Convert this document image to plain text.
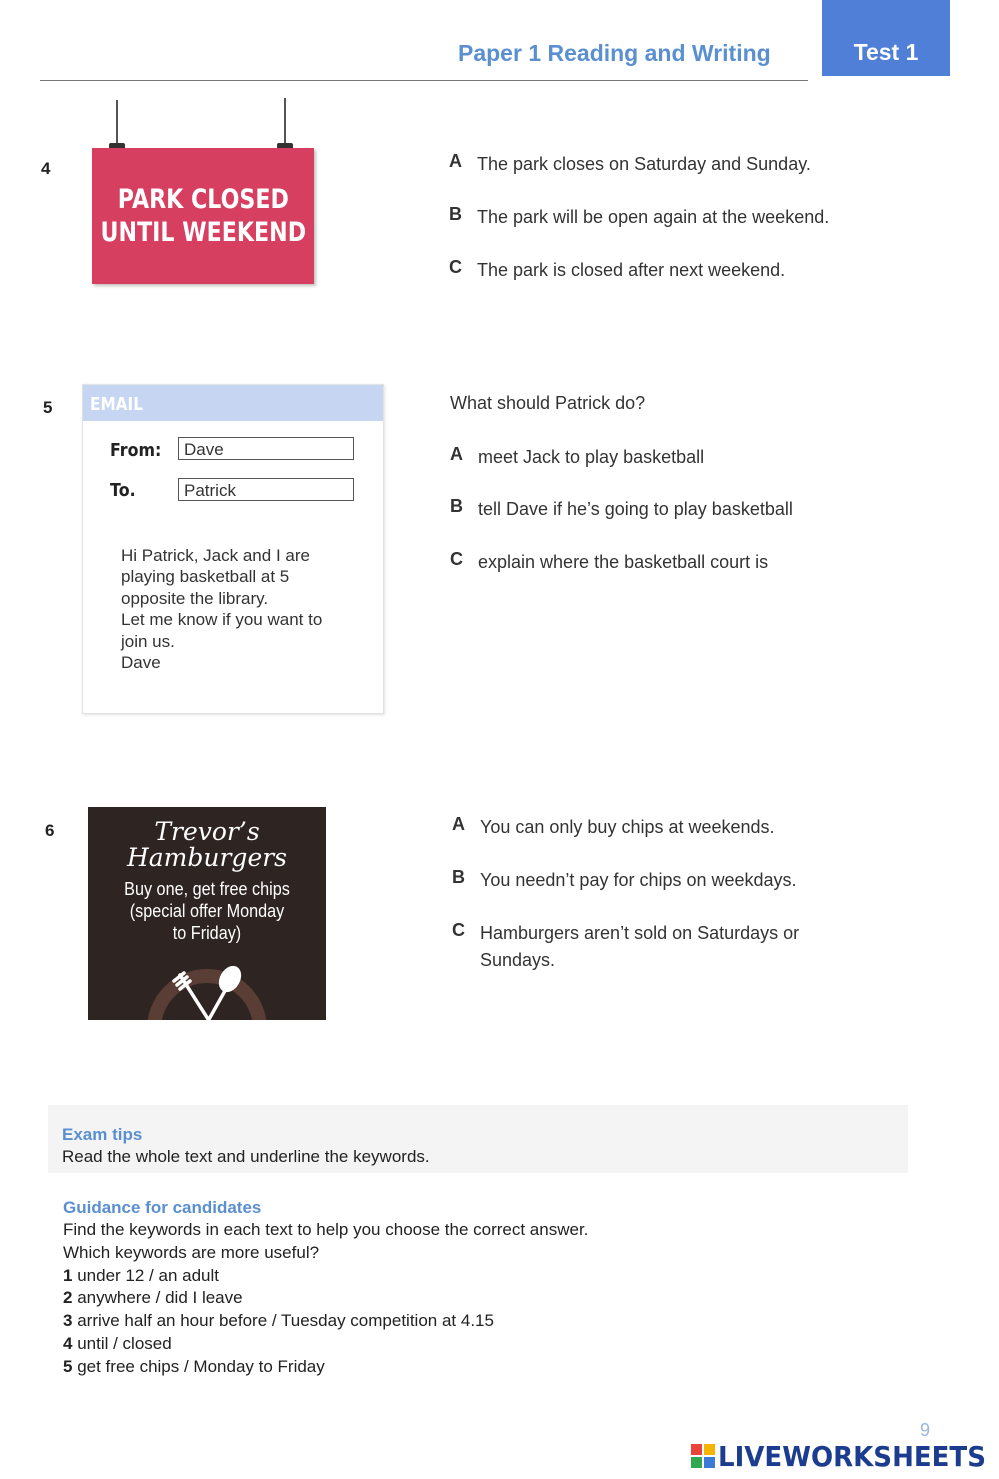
Paper 1 Reading and Writing	Test 1
4
PARK CLOSED
UNTIL WEEKEND
A The park closes on Saturday and Sunday.
B The park will be open again at the weekend.
C The park is closed after next weekend.
5 EMAIL
From:	Dave
To.	Patrick
Hi Patrick, Jack and I are
playing basketball at 5
opposite the library.
Let me know if you want to
join us.
Dave
What should Patrick do?
A meet Jack to play basketball
B tell Dave if he’s going to play basketball
C explain where the basketball court is
6	Trevor’s
Hamburgers
Buy one, get free chips
(special offer Monday
to Friday)
A You can only buy chips at weekends.
B You needn’t pay for chips on weekdays.
C Hamburgers aren’t sold on Saturdays or Sundays.
Exam tips
Read the whole text and underline the keywords.
Guidance for candidates
Find the keywords in each text to help you choose the correct answer.
Which keywords are more useful?
1 under 12 / an adult
2 anywhere / did I leave
3 arrive half an hour before / Tuesday competition at 4.15
4 until / closed
5 get free chips / Monday to Friday
9
LIVEWORKSHEETS
